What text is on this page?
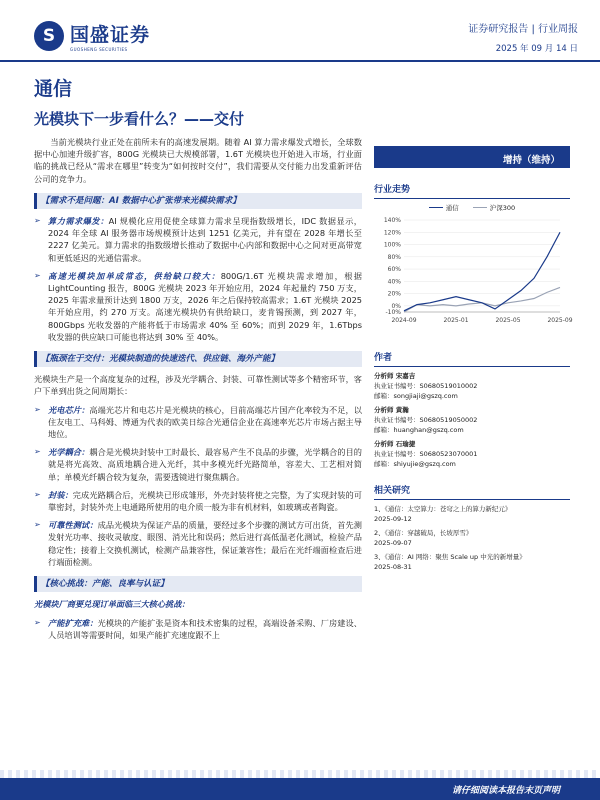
S 国盛证券
GUOSHENG SECURITIES
证券研究报告 | 行业周报
2025 年 09 月 14 日
通信
光模块下一步看什么？——交付

当前光模块行业正处在前所未有的高速发展期。随着 AI 算力需求爆发式增长，全球数据中心加速升级扩容，800G 光模块已大规模部署，1.6T 光模块也开始进入市场，行业面临的挑战已经从“需求在哪里”转变为“如何按时交付”，我们需要从交付能力出发重新评估公司的竞争力。

【需求不是问题：AI 数据中心扩张带来光模块需求】
➢ 算力需求爆发：AI 规模化应用促使全球算力需求呈现指数级增长，IDC 数据显示，2024 年全球 AI 服务器市场规模预计达到 1251 亿美元，并有望在 2028 年增长至 2227 亿美元。算力需求的指数级增长推动了数据中心内部和数据中心之间对更高带宽和更低延迟的光通信需求。
➢ 高速光模块加单成常态，供给缺口较大：800G/1.6T 光模块需求增加，根据 LightCounting 报告，800G 光模块 2023 年开始应用，2024 年起量约 750 万支，2025 年需求量预计达到 1800 万支，2026 年之后保持较高需求；1.6T 光模块 2025 年开始应用，约 270 万支。高速光模块仍有供给缺口，麦肯锡预测，到 2027 年，800Gbps 光收发器的产能将低于市场需求 40% 至 60%；而到 2029 年，1.6Tbps 收发器的供应缺口可能也将达到 30% 至 40%。
【瓶颈在于交付：光模块制造的快速迭代、供应链、海外产能】
光模块生产是一个高度复杂的过程，涉及光学耦合、封装、可靠性测试等多个精密环节，客户下单到出货之间周期长：
➢ 光电芯片：高端光芯片和电芯片是光模块的核心，目前高端芯片国产化率较为不足，以住友电工、马科姆、博通为代表的欧美日综合光通信企业在高速率光芯片市场占据主导地位。
➢ 光学耦合：耦合是光模块封装中工时最长、最容易产生不良品的步骤，光学耦合的目的就是将光高效、高质地耦合进入光纤，其中多模光纤光路简单，容差大、工艺相对简单；单模光纤耦合较为复杂，需要透镜进行聚焦耦合。
➢ 封装：完成光路耦合后，光模块已形成雏形，外壳封装将使之完整，为了实现封装的可靠密封，封装外壳上电通路所使用的电介质一般为非有机材料，如玻璃或者陶瓷。
➢ 可靠性测试：成品光模块为保证产品的质量，要经过多个步骤的测试方可出货，首先测发射光功率、接收灵敏度、眼图、消光比和误码；然后进行高低温老化测试，检验产品稳定性；接着上交换机测试，检测产品兼容性，保证兼容性；最后在光纤端面检查后进行端面检测。
【核心挑战：产能、良率与认证】
光模块厂商要兑现订单面临三大核心挑战：
➢ 产能扩充难：光模块的产能扩张是资本和技术密集的过程，高端设备采购、厂房建设、人员培训等需要时间，如果产能扩充速度跟不上
增持（维持）
行业走势
通信	沪深300
140%
120%
100%
80%
60%
40%
20%
0%
-10%
2024-09	2025-01	2025-05	2025-09
作者
分析师 宋嘉吉
执业证书编号：S0680519010002
邮箱：songjiaji@gszq.com
分析师 黄瀚
执业证书编号：S0680519050002
邮箱：huanghan@gszq.com
分析师 石瑜捷
执业证书编号：S0680523070001
邮箱：shiyujie@gszq.com
相关研究
1、《通信：太空算力：苍穹之上的算力新纪元》
2025-09-12
2、《通信：穿越破局，长坡厚雪》
2025-09-07
3、《通信：AI 网络：聚焦 Scale up 中光的新增量》
2025-08-31
请仔细阅读本报告末页声明
